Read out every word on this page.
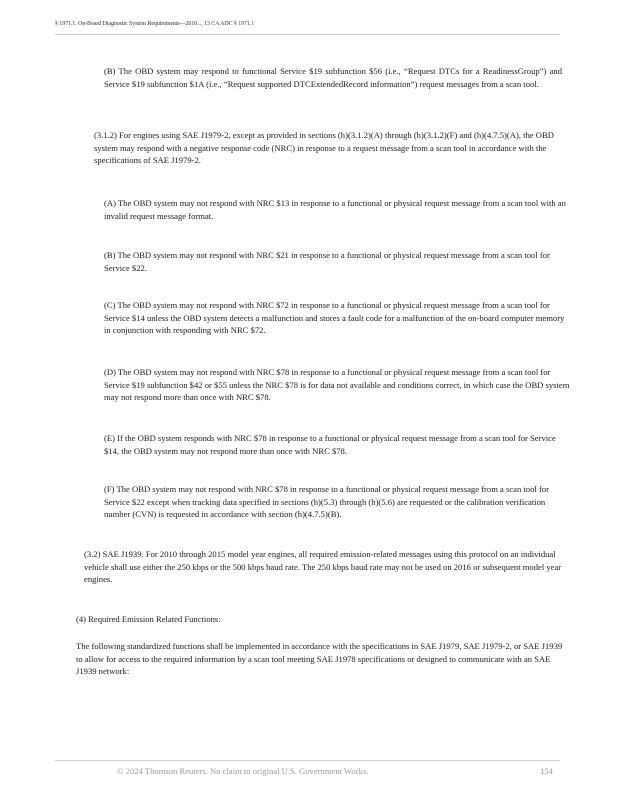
§ 1971.1. On-Board Diagnostic System Requirements—2010..., 13 CA ADC § 1971.1

(B) The OBD system may respond to functional Service $19 subfunction $56 (i.e., “Request DTCs for a ReadinessGroup”) and Service $19 subfunction $1A (i.e., “Request supported DTCExtendedRecord information”) request messages from a scan tool.

(3.1.2) For engines using SAE J1979-2, except as provided in sections (h)(3.1.2)(A) through (h)(3.1.2)(F) and (h)(4.7.5)(A), the OBD system may respond with a negative response code (NRC) in response to a request message from a scan tool in accordance with the specifications of SAE J1979-2.

(A) The OBD system may not respond with NRC $13 in response to a functional or physical request message from a scan tool with an invalid request message format.

(B) The OBD system may not respond with NRC $21 in response to a functional or physical request message from a scan tool for Service $22.

(C) The OBD system may not respond with NRC $72 in response to a functional or physical request message from a scan tool for Service $14 unless the OBD system detects a malfunction and stores a fault code for a malfunction of the on-board computer memory in conjunction with responding with NRC $72.

(D) The OBD system may not respond with NRC $78 in response to a functional or physical request message from a scan tool for Service $19 subfunction $42 or $55 unless the NRC $78 is for data not available and conditions correct, in which case the OBD system may not respond more than once with NRC $78.

(E) If the OBD system responds with NRC $78 in response to a functional or physical request message from a scan tool for Service $14, the OBD system may not respond more than once with NRC $78.

(F) The OBD system may not respond with NRC $78 in response to a functional or physical request message from a scan tool for Service $22 except when tracking data specified in sections (h)(5.3) through (h)(5.6) are requested or the calibration verification number (CVN) is requested in accordance with section (h)(4.7.5)(B).

(3.2) SAE J1939. For 2010 through 2015 model year engines, all required emission-related messages using this protocol on an individual vehicle shall use either the 250 kbps or the 500 kbps baud rate. The 250 kbps baud rate may not be used on 2016 or subsequent model year engines.

(4) Required Emission Related Functions:

The following standardized functions shall be implemented in accordance with the specifications in SAE J1979, SAE J1979-2, or SAE J1939 to allow for access to the required information by a scan tool meeting SAE J1978 specifications or designed to communicate with an SAE J1939 network:

© 2024 Thomson Reuters. No claim to original U.S. Government Works.	154
